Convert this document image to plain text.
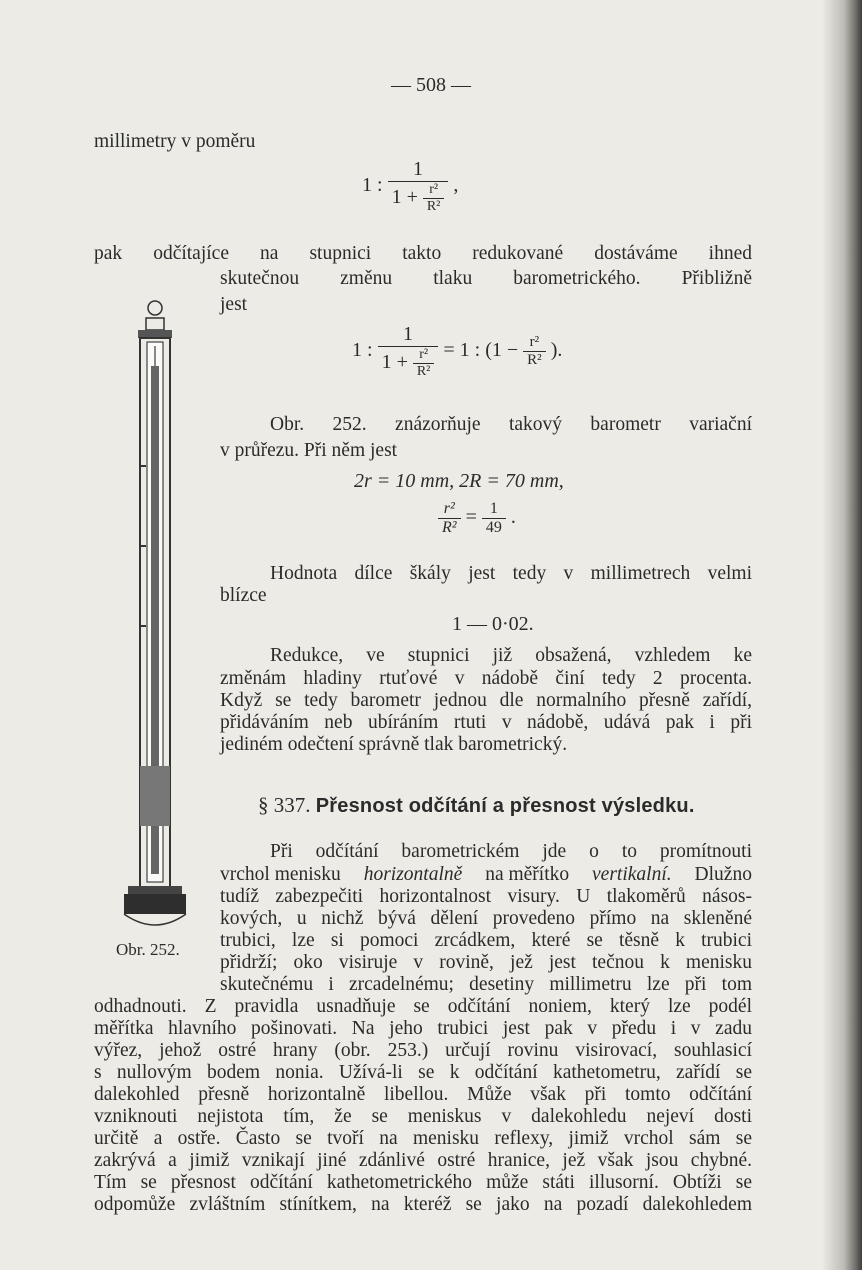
— 508 —
millimetry v poměru
1 : $\frac{1}{1 + \frac{\text{r²}}{\text{R²}}}$ ,
pak odčítajíce na stupnici takto redukované dostáváme ihned
skutečnou změnu tlaku barometrického. Přibližně
jest
1 : $\frac{1}{1 + \frac{\text{r²}}{\text{R²}}} = 1$ : ($1 - \frac{\text{r²}}{\text{R²}}$ ).
Obr. 252. znázorňuje takový barometr variační
v průřezu. Při něm jest
2r = 10 mm, 2R = 70 mm,
$\frac{\text{r²}}{\text{R²}} = \frac{1}{49}$ .
Hodnota dílce škály jest tedy v millimetrech velmi
blízce
1 — 0·02.
Redukce, ve stupnici již obsažená, vzhledem ke
změnám hladiny rtuťové v nádobě činí tedy 2 procenta.
Když se tedy barometr jednou dle normalního přesně zařídí,
přidáváním neb ubíráním rtuti v nádobě, udává pak i při
jediném odečtení správně tlak barometrický.
§ 337. Přesnost odčítání a přesnost výsledku.
Při odčítání barometrickém jde o to promítnouti
vrchol menisku horizontalně na měřítko vertikalní. Dlužno
tudíž zabezpečiti horizontalnost visury. U tlakoměrů násos-
kových, u nichž bývá dělení provedeno přímo na skleněné
trubici, lze si pomoci zrcádkem, které se těsně k trubici
přidrží; oko visiruje v rovině, jež jest tečnou k menisku
skutečnému i zrcadelnému; desetiny millimetru lze při tom
odhadnouti. Z pravidla usnadňuje se odčítání noniem, který lze podél
měřítka hlavního pošinovati. Na jeho trubici jest pak v předu i v zadu
výřez, jehož ostré hrany (obr. 253.) určují rovinu visirovací, souhlasicí
s nullovým bodem nonia. Užívá-li se k odčítání kathetometru, zařídí se
dalekohled přesně horizontalně libellou. Může však při tomto odčítání
vzniknouti nejistota tím, že se meniskus v dalekohledu nejeví dosti
určitě a ostře. Často se tvoří na menisku reflexy, jimiž vrchol sám se
zakrývá a jimiž vznikají jiné zdánlivé ostré hranice, jež však jsou chybné.
Tím se přesnost odčítání kathetometrického může státi illusorní. Obtíži se
odpomůže zvláštním stínítkem, na kteréž se jako na pozadí dalekohledem
Obr. 252.
